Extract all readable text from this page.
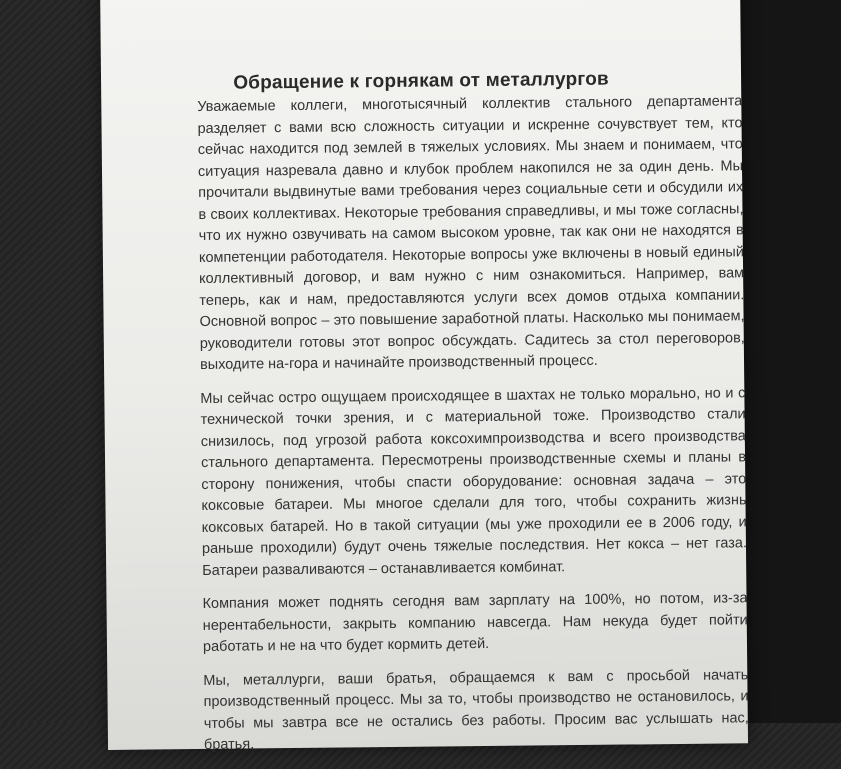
Обращение к горнякам от металлургов

Уважаемые коллеги, многотысячный коллектив стального департамента разделяет с вами всю сложность ситуации и искренне сочувствует тем, кто сейчас находится под землей в тяжелых условиях. Мы знаем и понимаем, что ситуация назревала давно и клубок проблем накопился не за один день. Мы прочитали выдвинутые вами требования через социальные сети и обсудили их в своих коллективах. Некоторые требования справедливы, и мы тоже согласны, что их нужно озвучивать на самом высоком уровне, так как они не находятся в компетенции работодателя. Некоторые вопросы уже включены в новый единый коллективный договор, и вам нужно с ним ознакомиться. Например, вам теперь, как и нам, предоставляются услуги всех домов отдыха компании. Основной вопрос – это повышение заработной платы. Насколько мы понимаем, руководители готовы этот вопрос обсуждать. Садитесь за стол переговоров, выходите на-гора и начинайте производственный процесс.

Мы сейчас остро ощущаем происходящее в шахтах не только морально, но и с технической точки зрения, и с материальной тоже. Производство стали снизилось, под угрозой работа коксохимпроизводства и всего производства стального департамента. Пересмотрены производственные схемы и планы в сторону понижения, чтобы спасти оборудование: основная задача – это коксовые батареи. Мы многое сделали для того, чтобы сохранить жизнь коксовых батарей. Но в такой ситуации (мы уже проходили ее в 2006 году, и раньше проходили) будут очень тяжелые последствия. Нет кокса – нет газа. Батареи разваливаются – останавливается комбинат.

Компания может поднять сегодня вам зарплату на 100%, но потом, из-за нерентабельности, закрыть компанию навсегда. Нам некуда будет пойти работать и не на что будет кормить детей.

Мы, металлурги, ваши братья, обращаемся к вам с просьбой начать производственный процесс. Мы за то, чтобы производство не остановилось, и чтобы мы завтра все не остались без работы. Просим вас услышать нас, братья,
